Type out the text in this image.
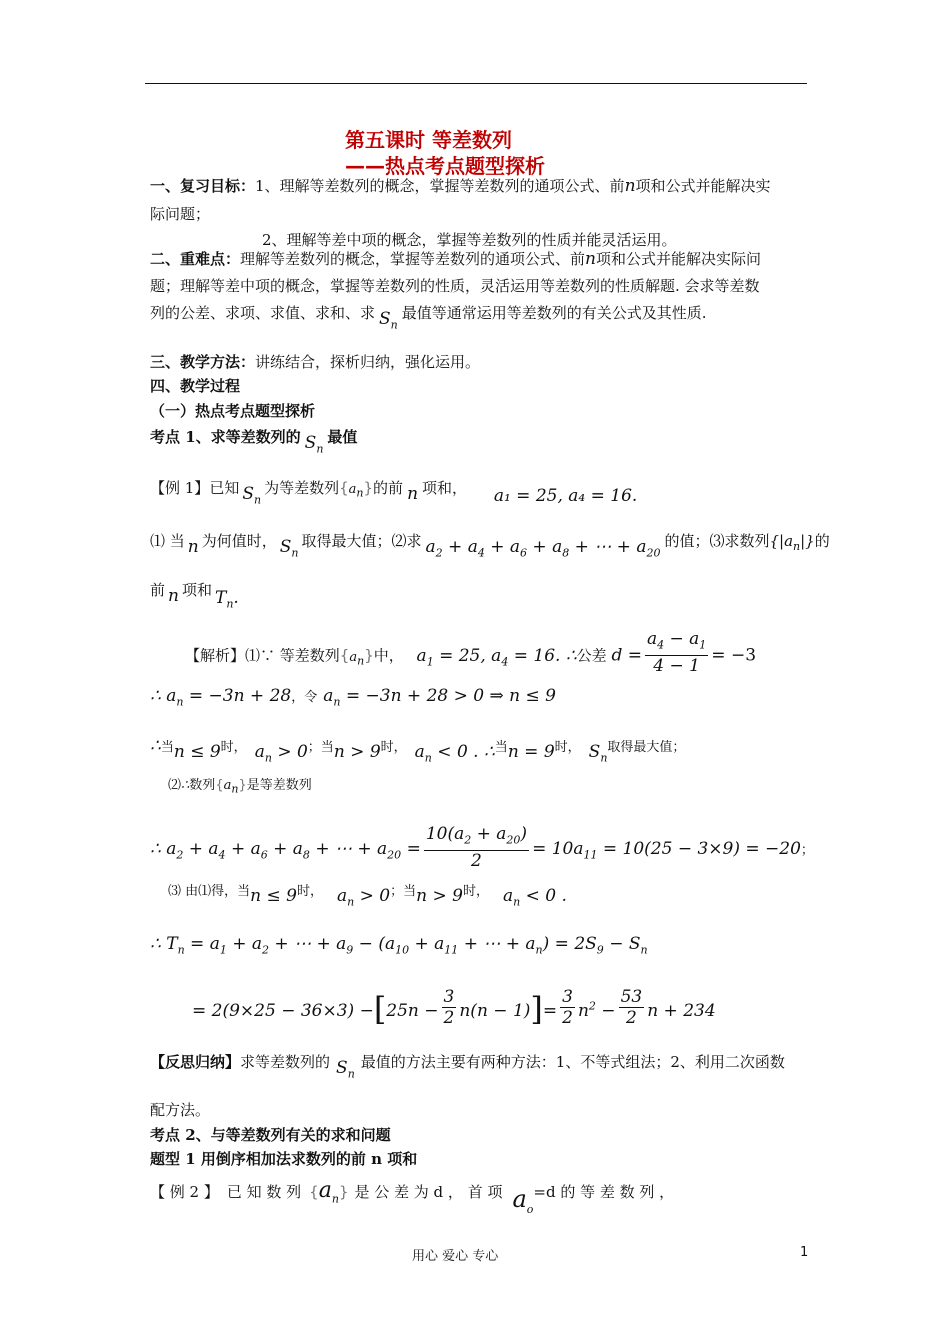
第五课时 等差数列
——热点考点题型探析
一、复习目标：1、理解等差数列的概念，掌握等差数列的通项公式、前n项和公式并能解决实
际问题；
2、理解等差中项的概念，掌握等差数列的性质并能灵活运用。
二、重难点：理解等差数列的概念，掌握等差数列的通项公式、前n项和公式并能解决实际问
题；理解等差中项的概念，掌握等差数列的性质，灵活运用等差数列的性质解题. 会求等差数
列的公差、求项、求值、求和、求 $S_n$最值等通常运用等差数列的有关公式及其性质.
三、教学方法：讲练结合，探析归纳，强化运用。
四、教学过程
（一）热点考点题型探析
考点 1、求等差数列的 $S_n$最值
【例 1】已知 $S_n$为等差数列$\{a_n\}$的前 n 项和， a₁ = 25, a₄ = 16.
⑴ 当 n 为何值时， $S_n$取得最大值；⑵求 $a_2 + a_4 + a_6 + a_8$ + ⋯ + $a_{20}$的值；⑶求数列$\{|a_n|\}$的
前 n 项和 $T_n$.
【解析】⑴∵ 等差数列$\{a_n\}$中， $a_1 = 25$, $a_4 = 16$. ∴公差 $d = \frac{a_4 - a_1}{4 - 1} = -3$
∴ $a_n = -3n + 28$，令 $a_n = -3n + 28 > 0$ ⇒ n ≤ 9
∴当n ≤ 9时， $a_n > 0$；当n > 9时， $a_n < 0$ . ∴当n = 9时， $S_n$取得最大值；
⑵∴数列$\{a_n\}$是等差数列
∴ $a_2 + a_4 + a_6 + a_8$ + ⋯ + $a_{20} = \frac{10(a_2 + a_{20})}{2} = 10a_{11} = 10(25 - 3\times 9) = -20$；
⑶ 由⑴得，当n ≤ 9时， $a_n > 0$；当n > 9时， $a_n < 0$ .
∴ $T_n = a_1 + a_2$ + ⋯ + $a_9 - (a_{10} + a_{11}$ + ⋯ + $a_n) = 2S_9 - S_n$
= $2(9\times 25 - 36\times 3) -[25n - \frac{3}{2} n(n - 1)]= \frac{3}{2} n^2 - \frac{53}{2}$ n + 234
【反思归纳】求等差数列的 $S_n$最值的方法主要有两种方法：1、不等式组法；2、利用二次函数
配方法。
考点 2、与等差数列有关的求和问题
题型 1 用倒序相加法求数列的前 n 项和
【 例 2 】 已 知 数 列 $\{a_n\}$ 是 公 差 为 d ， 首 项 $a_o=d$ 的 等 差 数 列 ，
用心 爱心 专心	1
